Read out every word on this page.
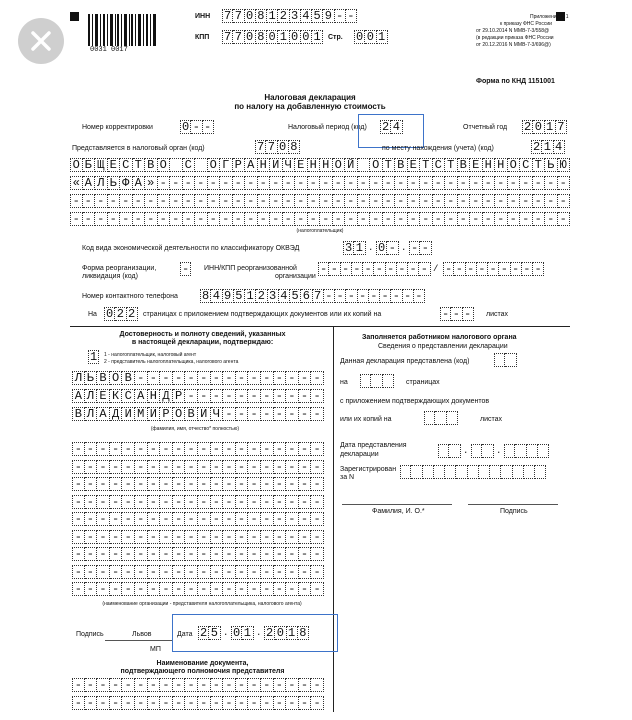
0031 0017
ИНН 7 7 0 8 1 2 3 4 5 9 - -
КПП 7 7 0 8 0 1 0 0 1	Стр. 0 0 1
Приложение N 1
к приказу ФНС России
от 29.10.2014 N ММВ-7-3/558@
(в редакции приказа ФНС России
от 20.12.2016 N ММВ-7-3/696@)
Форма по КНД 1151001
Налоговая декларация
по налогу на добавленную стоимость
Номер корректировки 0 - -	Налоговый период (код) 2 4	Отчетный год 2 0 1 7
Представляется в налоговый орган (код)	7 7 0 8	по месту нахождения (учета) (код)	2 1 4
О Б Щ Е С Т В О С О Г Р А Н И Ч Е Н Н О Й О Т В Е Т С Т В Е Н Н О С Т Ь Ю
« А Л Ь Ф А » - - - - - - - - - - - - - - - - - - - - - - - - - - - - - - - - -
- - - - - - - - - - - - - - - - - - - - - - - - - - - - - - - - - - - - - - - -
- - - - - - - - - - - - - - - - - - - - - - - - - - - - - - - - - - - - - - - -
(налогоплательщик)
Код вида экономической деятельности по классификатору ОКВЭД	3 1 . 0 - . - -
Форма реорганизации,
ликвидация (код)
- ИНН/КПП реорганизованной
организации
- - - - - - - - - - / - - - - - - - - -
Номер контактного телефона 8 4 9 5 1 2 3 4 5 6 7 - - - - - - - - -
На 0 2 2	страницах с приложением подтверждающих документов или их копий на	- - -	листах
Достоверность и полноту сведений, указанных
в настоящей декларации, подтверждаю:
1	1 - налогоплательщик, налоговый агент
2 - представитель налогоплательщика, налогового агента
Л Ь В О В - - - - - - - - - - - - - - -
А Л Е К С А Н Д Р - - - - - - - - - - -
В Л А Д И М И Р О В И Ч - - - - - - - -
(фамилия, имя, отчество* полностью)
- - - - - - - - - - - - - - - - - - - -
- - - - - - - - - - - - - - - - - - - -
- - - - - - - - - - - - - - - - - - - -
- - - - - - - - - - - - - - - - - - - -
- - - - - - - - - - - - - - - - - - - -
- - - - - - - - - - - - - - - - - - - -
- - - - - - - - - - - - - - - - - - - -
- - - - - - - - - - - - - - - - - - - -
- - - - - - - - - - - - - - - - - - - -
(наименование организации - представителя налогоплательщика, налогового агента)
Подпись	Львов	Дата 2 5 . 0 1 . 2 0 1 8
МП
Наименование документа,
подтверждающего полномочия представителя
- - - - - - - - - - - - - - - - - - - -
- - - - - - - - - - - - - - - - - - - -
Заполняется работником налогового органа
Сведения о представлении декларации
Данная декларация представлена (код)
на	страницах
с приложением подтверждающих документов
или их копий на	листах
Дата представления
декларации	.	.
Зарегистрирован
за N
Фамилия, И. О.*	Подпись
